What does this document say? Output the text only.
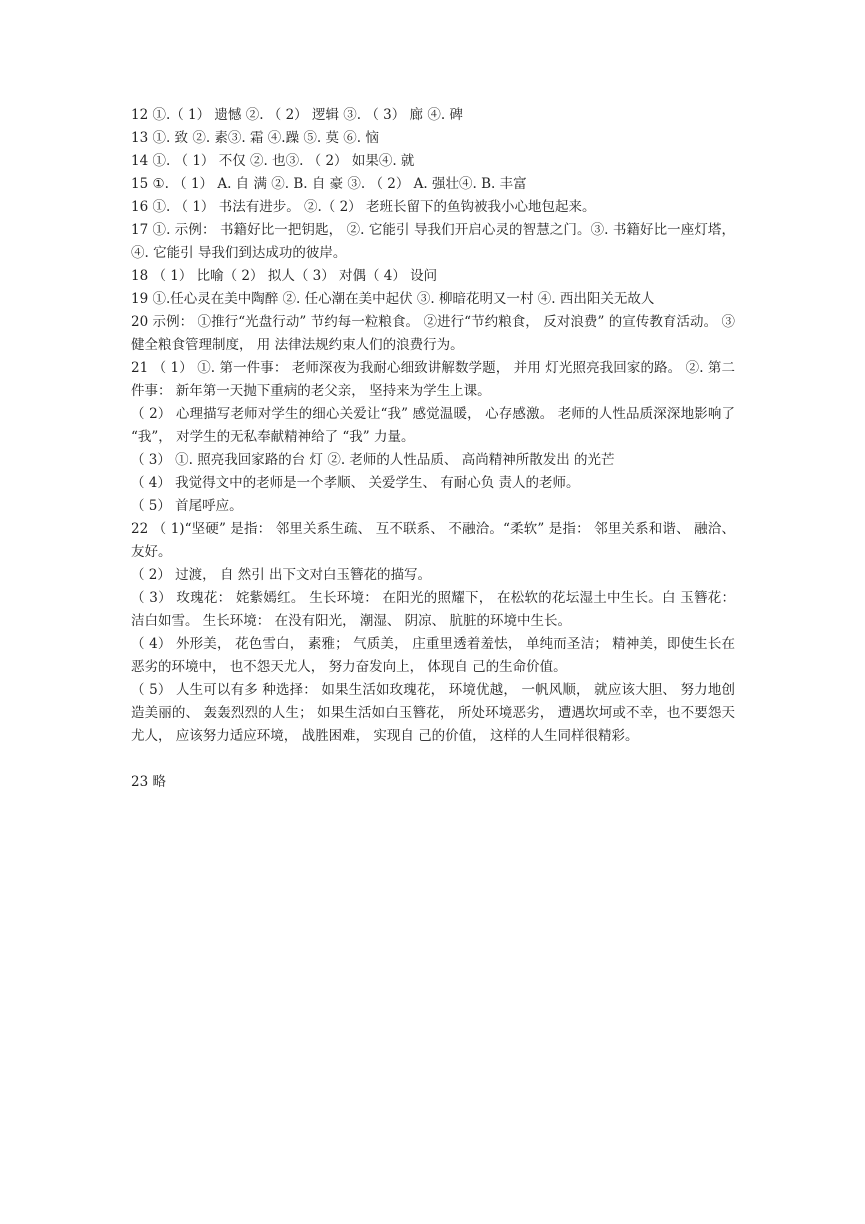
12 ①.（ 1） 遗憾 ②. （ 2） 逻辑 ③. （ 3） 廊 ④. 碑

13 ①. 致 ②. 素③. 霜 ④.躁 ⑤. 莫 ⑥. 恼

14 ①. （ 1） 不仅 ②. 也③. （ 2） 如果④. 就

15 ①. （ 1） A. 自 满 ②. B. 自 豪 ③. （ 2） A. 强壮④. B. 丰富

16 ①. （ 1） 书法有进步。 ②.（ 2） 老班长留下的鱼钩被我小心地包起来。

17 ①. 示例： 书籍好比一把钥匙， ②. 它能引 导我们开启心灵的智慧之门。③. 书籍好比一座灯塔， ④. 它能引 导我们到达成功的彼岸。

18 （ 1） 比喻（ 2） 拟人（ 3） 对偶（ 4） 设问

19 ①.任心灵在美中陶醉 ②. 任心潮在美中起伏 ③. 柳暗花明又一村 ④. 西出阳关无故人

20 示例： ①推行“光盘行动” 节约每一粒粮食。 ②进行“节约粮食， 反对浪费” 的宣传教育活动。 ③健全粮食管理制度， 用 法律法规约束人们的浪费行为。

21 （ 1） ①. 第一件事： 老师深夜为我耐心细致讲解数学题， 并用 灯光照亮我回家的路。 ②. 第二件事： 新年第一天抛下重病的老父亲， 坚持来为学生上课。

（ 2） 心理描写老师对学生的细心关爱让“我” 感觉温暖， 心存感激。 老师的人性品质深深地影响了 “我”， 对学生的无私奉献精神给了 “我” 力量。

（ 3） ①. 照亮我回家路的台 灯 ②. 老师的人性品质、 高尚精神所散发出 的光芒

（ 4） 我觉得文中的老师是一个孝顺、 关爱学生、 有耐心负 责人的老师。

（ 5） 首尾呼应。

22 （ 1)“坚硬” 是指： 邻里关系生疏、 互不联系、 不融洽。“柔软” 是指： 邻里关系和谐、 融洽、 友好。

（ 2） 过渡， 自 然引 出下文对白玉簪花的描写。

（ 3） 玫瑰花： 姹紫嫣红。 生长环境： 在阳光的照耀下， 在松软的花坛湿土中生长。白 玉簪花： 洁白如雪。 生长环境： 在没有阳光， 潮湿、 阴凉、 肮脏的环境中生长。

（ 4） 外形美， 花色雪白， 素雅； 气质美， 庄重里透着羞怯， 单纯而圣洁； 精神美，即使生长在恶劣的环境中， 也不怨天尤人， 努力奋发向上， 体现自 己的生命价值。

（ 5） 人生可以有多 种选择： 如果生活如玫瑰花， 环境优越， 一帆风顺， 就应该大胆、 努力地创造美丽的、 轰轰烈烈的人生； 如果生活如白玉簪花， 所处环境恶劣， 遭遇坎坷或不幸，也不要怨天尤人， 应该努力适应环境， 战胜困难， 实现自 己的价值， 这样的人生同样很精彩。

23 略
